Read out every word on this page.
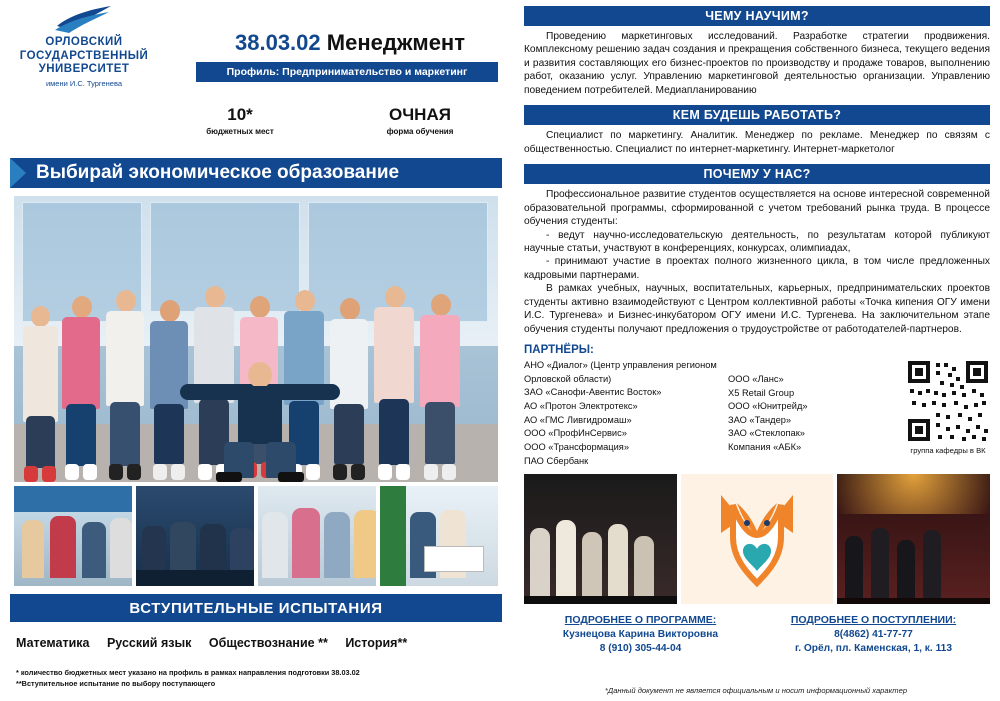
ОРЛОВСКИЙ
ГОСУДАРСТВЕННЫЙ
УНИВЕРСИТЕТ
имени И.С. Тургенева
38.03.02 Менеджмент
Профиль: Предпринимательство и маркетинг
10*
бюджетных мест
ОЧНАЯ
форма обучения
Выбирай экономическое образование
ВСТУПИТЕЛЬНЫЕ ИСПЫТАНИЯ
Математика Русский язык Обществознание ** История**
* количество бюджетных мест указано на профиль в рамках направления подготовки 38.03.02
**Вступительное испытание по выбору поступающего
ЧЕМУ НАУЧИМ?
Проведению маркетинговых исследований. Разработке стратегии продвижения. Комплексному решению задач создания и прекращения собственного бизнеса, текущего ведения и развития составляющих его бизнес-проектов по производству и продаже товаров, выполнению работ, оказанию услуг. Управлению маркетинговой деятельностью организации. Управлению поведением потребителей. Медиапланированию
КЕМ БУДЕШЬ РАБОТАТЬ?
Специалист по маркетингу. Аналитик. Менеджер по рекламе. Менеджер по связям с общественностью. Специалист по интернет-маркетингу. Интернет-маркетолог
ПОЧЕМУ У НАС?
Профессиональное развитие студентов осуществляется на основе интересной современной образовательной программы, сформированной с учетом требований рынка труда. В процессе обучения студенты:
- ведут научно-исследовательскую деятельность, по результатам которой публикуют научные статьи, участвуют в конференциях, конкурсах, олимпиадах,
- принимают участие в проектах полного жизненного цикла, в том числе предложенных кадровыми партнерами.
В рамках учебных, научных, воспитательных, карьерных, предпринимательских проектов студенты активно взаимодействуют с Центром коллективной работы «Точка кипения ОГУ имени И.С. Тургенева» и Бизнес-инкубатором ОГУ имени И.С. Тургенева. На заключительном этапе обучения студенты получают предложения о трудоустройстве от работодателей-партнеров.
ПАРТНЁРЫ:
АНО «Диалог» (Центр управления регионом Орловской области)
ЗАО «Санофи-Авентис Восток»
АО «Протон Электротекс»
АО «ГМС Ливгидромаш»
ООО «ПрофИнСервис»
ООО «Трансформация»
ПАО Сбербанк
ООО «Ланс»
X5 Retail Group
ООО «Юнитрейд»
ЗАО «Тандер»
ЗАО «Стеклопак»
Компания «АБК»	группа кафедры в ВК
ПОДРОБНЕЕ О ПРОГРАММЕ:
Кузнецова Карина Викторовна
8 (910) 305-44-04
ПОДРОБНЕЕ О ПОСТУПЛЕНИИ:
8(4862) 41-77-77
г. Орёл, пл. Каменская, 1, к. 113
*Данный документ не является официальным и носит информационный характер
